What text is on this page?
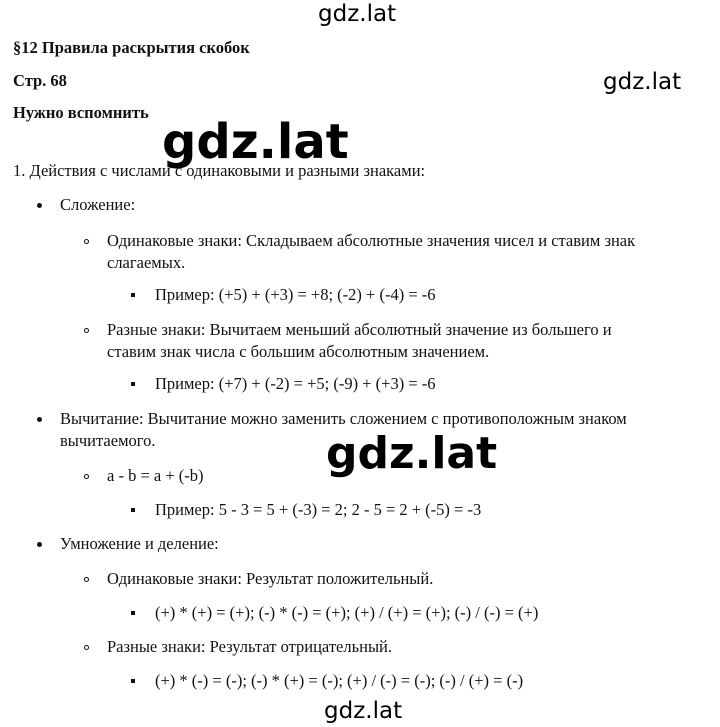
§12 Правила раскрытия скобок
Стр. 68
Нужно вспомнить
1. Действия с числами с одинаковыми и разными знаками:
Сложение:
Одинаковые знаки: Складываем абсолютные значения чисел и ставим знак
слагаемых.
Пример: (+5) + (+3) = +8; (-2) + (-4) = -6
Разные знаки: Вычитаем меньший абсолютный значение из большего и
ставим знак числа с большим абсолютным значением.
Пример: (+7) + (-2) = +5; (-9) + (+3) = -6
Вычитание: Вычитание можно заменить сложением с противоположным знаком
вычитаемого.
a - b = a + (-b)
Пример: 5 - 3 = 5 + (-3) = 2; 2 - 5 = 2 + (-5) = -3
Умножение и деление:
Одинаковые знаки: Результат положительный.
(+) * (+) = (+); (-) * (-) = (+); (+) / (+) = (+); (-) / (-) = (+)
Разные знаки: Результат отрицательный.
(+) * (-) = (-); (-) * (+) = (-); (+) / (-) = (-); (-) / (+) = (-)
gdz.lat
gdz.lat
gdz.lat
gdz.lat
gdz.lat
